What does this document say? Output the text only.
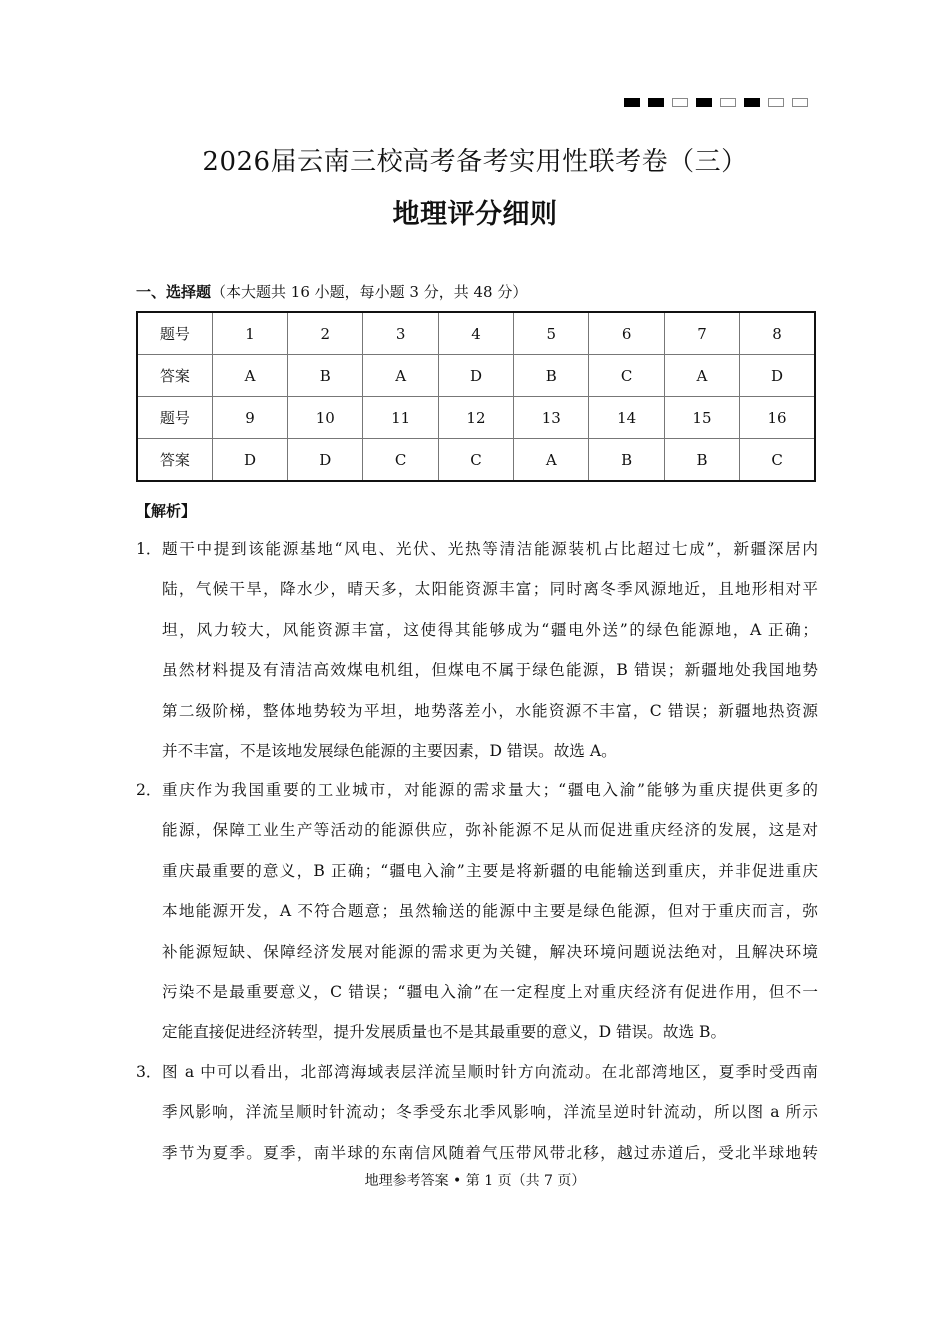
2026届云南三校高考备考实用性联考卷（三）
地理评分细则
一、选择题（本大题共 16 小题，每小题 3 分，共 48 分）
题号	1	2	3	4	5	6	7	8
答案	A	B	A	D	B	C	A	D
题号	9	10	11	12	13	14	15	16
答案	D	D	C	C	A	B	B	C
【解析】
1． 题干中提到该能源基地“风电、光伏、光热等清洁能源装机占比超过七成”，新疆深居内
陆，气候干旱，降水少，晴天多，太阳能资源丰富；同时离冬季风源地近，且地形相对平
坦，风力较大，风能资源丰富，这使得其能够成为“疆电外送”的绿色能源地，A 正确；
虽然材料提及有清洁高效煤电机组，但煤电不属于绿色能源，B 错误；新疆地处我国地势
第二级阶梯，整体地势较为平坦，地势落差小，水能资源不丰富，C 错误；新疆地热资源
并不丰富，不是该地发展绿色能源的主要因素，D 错误。故选 A。
2． 重庆作为我国重要的工业城市，对能源的需求量大；“疆电入渝”能够为重庆提供更多的
能源，保障工业生产等活动的能源供应，弥补能源不足从而促进重庆经济的发展，这是对
重庆最重要的意义，B 正确；“疆电入渝”主要是将新疆的电能输送到重庆，并非促进重庆
本地能源开发，A 不符合题意；虽然输送的能源中主要是绿色能源，但对于重庆而言，弥
补能源短缺、保障经济发展对能源的需求更为关键，解决环境问题说法绝对，且解决环境
污染不是最重要意义，C 错误；“疆电入渝”在一定程度上对重庆经济有促进作用，但不一
定能直接促进经济转型，提升发展质量也不是其最重要的意义，D 错误。故选 B。
3． 图 a 中可以看出，北部湾海域表层洋流呈顺时针方向流动。在北部湾地区，夏季时受西南
季风影响，洋流呈顺时针流动；冬季受东北季风影响，洋流呈逆时针流动，所以图 a 所示
季节为夏季。夏季，南半球的东南信风随着气压带风带北移，越过赤道后，受北半球地转
地理参考答案 • 第 1 页（共 7 页）
